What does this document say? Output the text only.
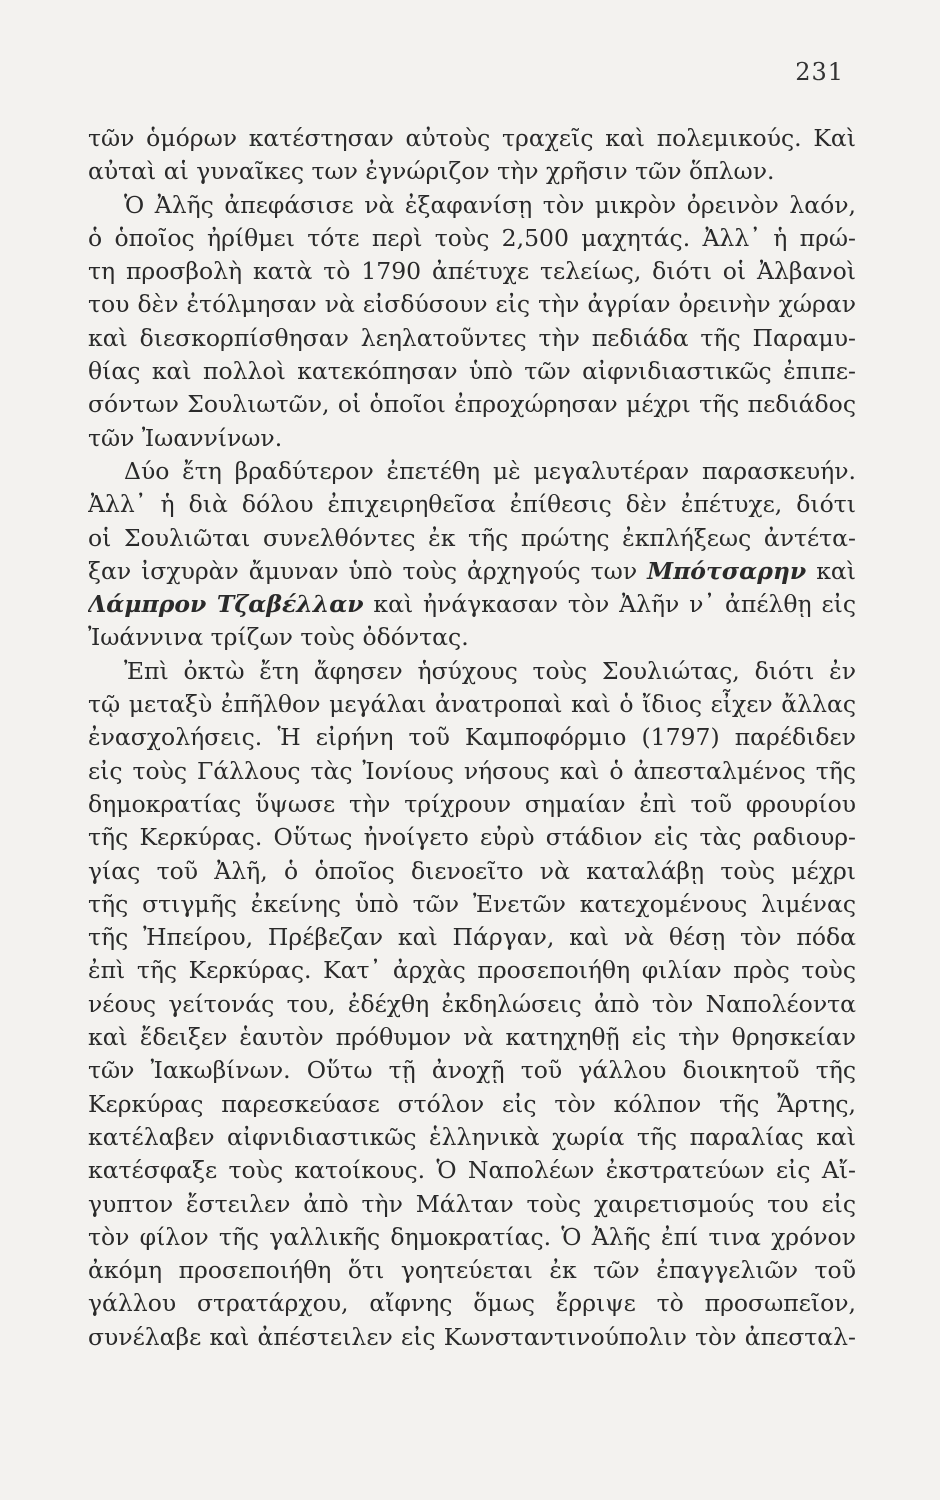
231
τῶν ὁμόρων κατέστησαν αὐτοὺς τραχεῖς καὶ πολεμικούς. Καὶ
αὐταὶ αἱ γυναῖκες των ἐγνώριζον τὴν χρῆσιν τῶν ὅπλων.
Ὁ Ἀλῆς ἀπεφάσισε νὰ ἐξαφανίσῃ τὸν μικρὸν ὀρεινὸν λαόν,
ὁ ὁποῖος ἠρίθμει τότε περὶ τοὺς 2,500 μαχητάς. Ἀλλ᾽ ἡ πρώ-
τη προσβολὴ κατὰ τὸ 1790 ἀπέτυχε τελείως, διότι οἱ Ἀλβανοὶ
του δὲν ἐτόλμησαν νὰ εἰσδύσουν εἰς τὴν ἀγρίαν ὀρεινὴν χώραν
καὶ διεσκορπίσθησαν λεηλατοῦντες τὴν πεδιάδα τῆς Παραμυ-
θίας καὶ πολλοὶ κατεκόπησαν ὑπὸ τῶν αἰφνιδιαστικῶς ἐπιπε-
σόντων Σουλιωτῶν, οἱ ὁποῖοι ἐπροχώρησαν μέχρι τῆς πεδιάδος
τῶν Ἰωαννίνων.
Δύο ἔτη βραδύτερον ἐπετέθη μὲ μεγαλυτέραν παρασκευήν.
Ἀλλ᾽ ἡ διὰ δόλου ἐπιχειρηθεῖσα ἐπίθεσις δὲν ἐπέτυχε, διότι
οἱ Σουλιῶται συνελθόντες ἐκ τῆς πρώτης ἐκπλήξεως ἀντέτα-
ξαν ἰσχυρὰν ἄμυναν ὑπὸ τοὺς ἀρχηγούς των Μπότσαρην καὶ
Λάμπρον Τζαβέλλαν καὶ ἠνάγκασαν τὸν Ἀλῆν ν᾽ ἀπέλθῃ εἰς
Ἰωάννινα τρίζων τοὺς ὀδόντας.
Ἐπὶ ὀκτὼ ἔτη ἄφησεν ἡσύχους τοὺς Σουλιώτας, διότι ἐν
τῷ μεταξὺ ἐπῆλθον μεγάλαι ἀνατροπαὶ καὶ ὁ ἴδιος εἶχεν ἄλλας
ἐνασχολήσεις. Ἡ εἰρήνη τοῦ Καμποφόρμιο (1797) παρέδιδεν
εἰς τοὺς Γάλλους τὰς Ἰονίους νήσους καὶ ὁ ἀπεσταλμένος τῆς
δημοκρατίας ὕψωσε τὴν τρίχρουν σημαίαν ἐπὶ τοῦ φρουρίου
τῆς Κερκύρας. Οὕτως ἠνοίγετο εὐρὺ στάδιον εἰς τὰς ραδιουρ-
γίας τοῦ Ἀλῆ, ὁ ὁποῖος διενοεῖτο νὰ καταλάβῃ τοὺς μέχρι
τῆς στιγμῆς ἐκείνης ὑπὸ τῶν Ἐνετῶν κατεχομένους λιμένας
τῆς Ἠπείρου, Πρέβεζαν καὶ Πάργαν, καὶ νὰ θέσῃ τὸν πόδα
ἐπὶ τῆς Κερκύρας. Κατ᾽ ἀρχὰς προσεποιήθη φιλίαν πρὸς τοὺς
νέους γείτονάς του, ἐδέχθη ἐκδηλώσεις ἀπὸ τὸν Ναπολέοντα
καὶ ἔδειξεν ἑαυτὸν πρόθυμον νὰ κατηχηθῇ εἰς τὴν θρησκείαν
τῶν Ἰακωβίνων. Οὕτω τῇ ἀνοχῇ τοῦ γάλλου διοικητοῦ τῆς
Κερκύρας παρεσκεύασε στόλον εἰς τὸν κόλπον τῆς Ἄρτης,
κατέλαβεν αἰφνιδιαστικῶς ἑλληνικὰ χωρία τῆς παραλίας καὶ
κατέσφαξε τοὺς κατοίκους. Ὁ Ναπολέων ἐκστρατεύων εἰς Αἴ-
γυπτον ἔστειλεν ἀπὸ τὴν Μάλταν τοὺς χαιρετισμούς του εἰς
τὸν φίλον τῆς γαλλικῆς δημοκρατίας. Ὁ Ἀλῆς ἐπί τινα χρόνον
ἀκόμη προσεποιήθη ὅτι γοητεύεται ἐκ τῶν ἐπαγγελιῶν τοῦ
γάλλου στρατάρχου, αἴφνης ὅμως ἔρριψε τὸ προσωπεῖον,
συνέλαβε καὶ ἀπέστειλεν εἰς Κωνσταντινούπολιν τὸν ἀπεσταλ-
